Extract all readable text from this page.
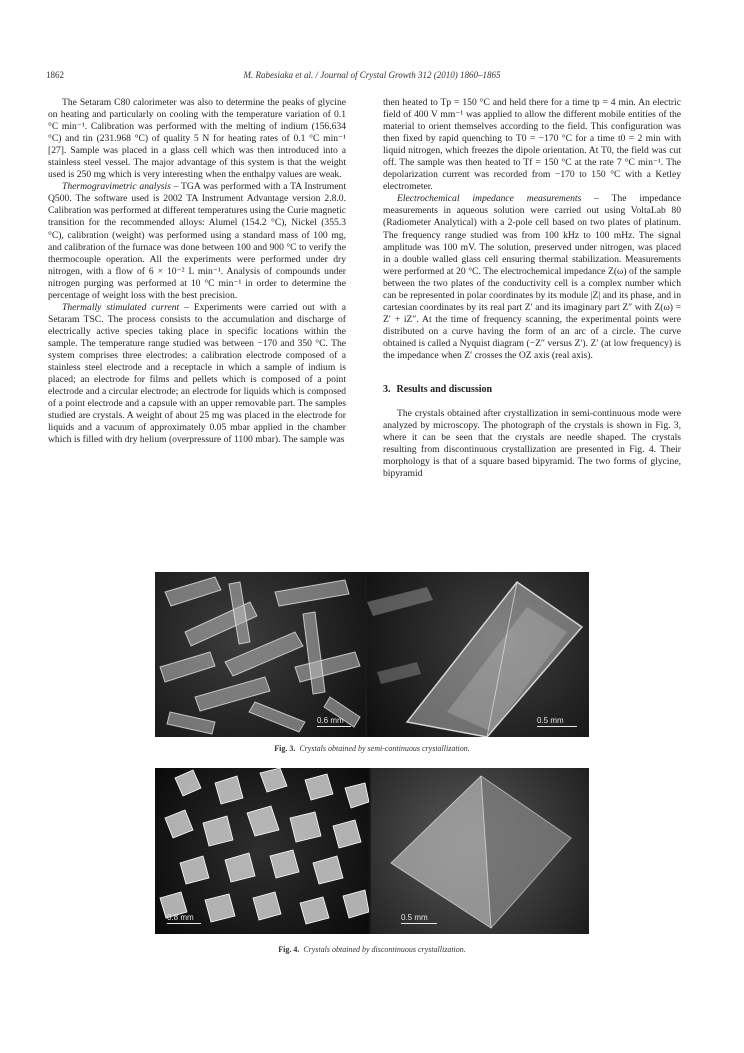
1862	M. Rabesiaka et al. / Journal of Crystal Growth 312 (2010) 1860–1865

The Setaram C80 calorimeter was also to determine the peaks of glycine on heating and particularly on cooling with the temperature variation of 0.1 °C min⁻¹. Calibration was performed with the melting of indium (156.634 °C) and tin (231.968 °C) of quality 5 N for heating rates of 0.1 °C min⁻¹ [27]. Sample was placed in a glass cell which was then introduced into a stainless steel vessel. The major advantage of this system is that the weight used is 250 mg which is very interesting when the enthalpy values are weak.

Thermogravimetric analysis – TGA was performed with a TA Instrument Q500. The software used is 2002 TA Instrument Advantage version 2.8.0. Calibration was performed at different temperatures using the Curie magnetic transition for the recommended alloys: Alumel (154.2 °C), Nickel (355.3 °C), calibration (weight) was performed using a standard mass of 100 mg, and calibration of the furnace was done between 100 and 900 °C to verify the thermocouple operation. All the experiments were performed under dry nitrogen, with a flow of 6 × 10⁻² L min⁻¹. Analysis of compounds under nitrogen purging was performed at 10 °C min⁻¹ in order to determine the percentage of weight loss with the best precision.

Thermally stimulated current – Experiments were carried out with a Setaram TSC. The process consists to the accumulation and discharge of electrically active species taking place in specific locations within the sample. The temperature range studied was between −170 and 350 °C. The system comprises three electrodes: a calibration electrode composed of a stainless steel electrode and a receptacle in which a sample of indium is placed; an electrode for films and pellets which is composed of a point electrode and a circular electrode; an electrode for liquids which is composed of a point electrode and a capsule with an upper removable part. The samples studied are crystals. A weight of about 25 mg was placed in the electrode for liquids and a vacuum of approximately 0.05 mbar applied in the chamber which is filled with dry helium (overpressure of 1100 mbar). The sample was

then heated to Tp = 150 °C and held there for a time tp = 4 min. An electric field of 400 V mm⁻¹ was applied to allow the different mobile entities of the material to orient themselves according to the field. This configuration was then fixed by rapid quenching to T0 = −170 °C for a time t0 = 2 min with liquid nitrogen, which freezes the dipole orientation. At T0, the field was cut off. The sample was then heated to Tf = 150 °C at the rate 7 °C min⁻¹. The depolarization current was recorded from −170 to 150 °C with a Ketley electrometer.

Electrochemical impedance measurements – The impedance measurements in aqueous solution were carried out using VoltaLab 80 (Radiometer Analytical) with a 2-pole cell based on two plates of platinum. The frequency range studied was from 100 kHz to 100 mHz. The signal amplitude was 100 mV. The solution, preserved under nitrogen, was placed in a double walled glass cell ensuring thermal stabilization. Measurements were performed at 20 °C. The electrochemical impedance Z(ω) of the sample between the two plates of the conductivity cell is a complex number which can be represented in polar coordinates by its module |Z| and its phase, and in cartesian coordinates by its real part Z′ and its imaginary part Z″ with Z(ω) = Z′ + iZ″. At the time of frequency scanning, the experimental points were distributed on a curve having the form of an arc of a circle. The curve obtained is called a Nyquist diagram (−Z″ versus Z′). Z′ (at low frequency) is the impedance when Z′ crosses the OZ axis (real axis).

3. Results and discussion

The crystals obtained after crystallization in semi-continuous mode were analyzed by microscopy. The photograph of the crystals is shown in Fig. 3, where it can be seen that the crystals are needle shaped. The crystals resulting from discontinuous crystallization are presented in Fig. 4. Their morphology is that of a square based bipyramid. The two forms of glycine, bipyramid

0.6 mm	0.5 mm
Fig. 3. Crystals obtained by semi-continuous crystallization.
0.8 mm	0.5 mm
Fig. 4. Crystals obtained by discontinuous crystallization.
